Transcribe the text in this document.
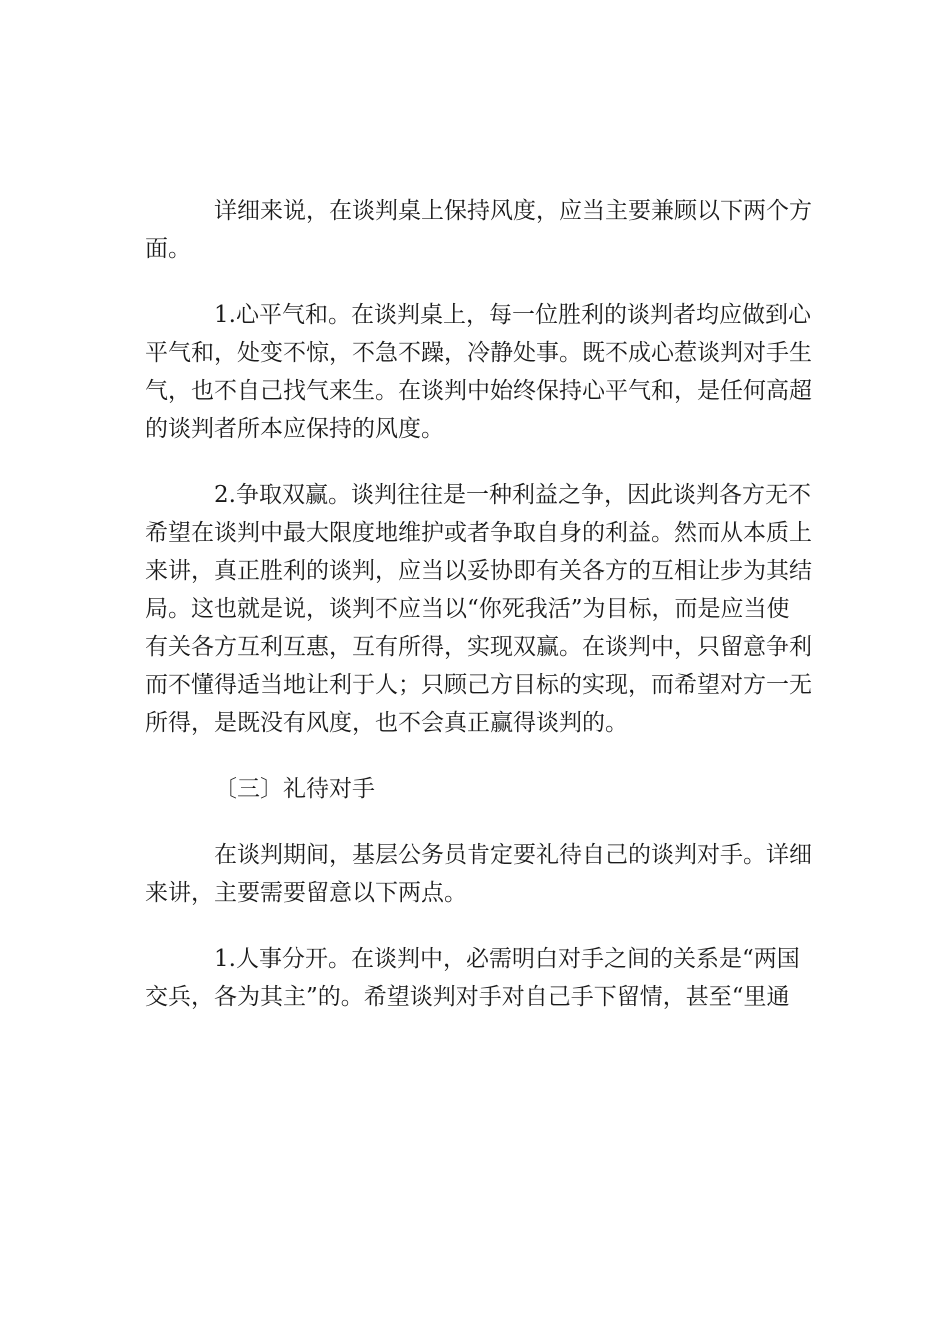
详细来说，在谈判桌上保持风度，应当主要兼顾以下两个方
面。
1.心平气和。在谈判桌上，每一位胜利的谈判者均应做到心
平气和，处变不惊，不急不躁，冷静处事。既不成心惹谈判对手生
气，也不自己找气来生。在谈判中始终保持心平气和，是任何高超
的谈判者所本应保持的风度。
2.争取双赢。谈判往往是一种利益之争，因此谈判各方无不
希望在谈判中最大限度地维护或者争取自身的利益。然而从本质上
来讲，真正胜利的谈判，应当以妥协即有关各方的互相让步为其结
局。这也就是说，谈判不应当以“你死我活”为目标，而是应当使
有关各方互利互惠，互有所得，实现双赢。在谈判中，只留意争利
而不懂得适当地让利于人；只顾己方目标的实现，而希望对方一无
所得，是既没有风度，也不会真正赢得谈判的。
〔三〕礼待对手
在谈判期间，基层公务员肯定要礼待自己的谈判对手。详细
来讲，主要需要留意以下两点。
1.人事分开。在谈判中，必需明白对手之间的关系是“两国
交兵，各为其主”的。希望谈判对手对自己手下留情，甚至“里通
